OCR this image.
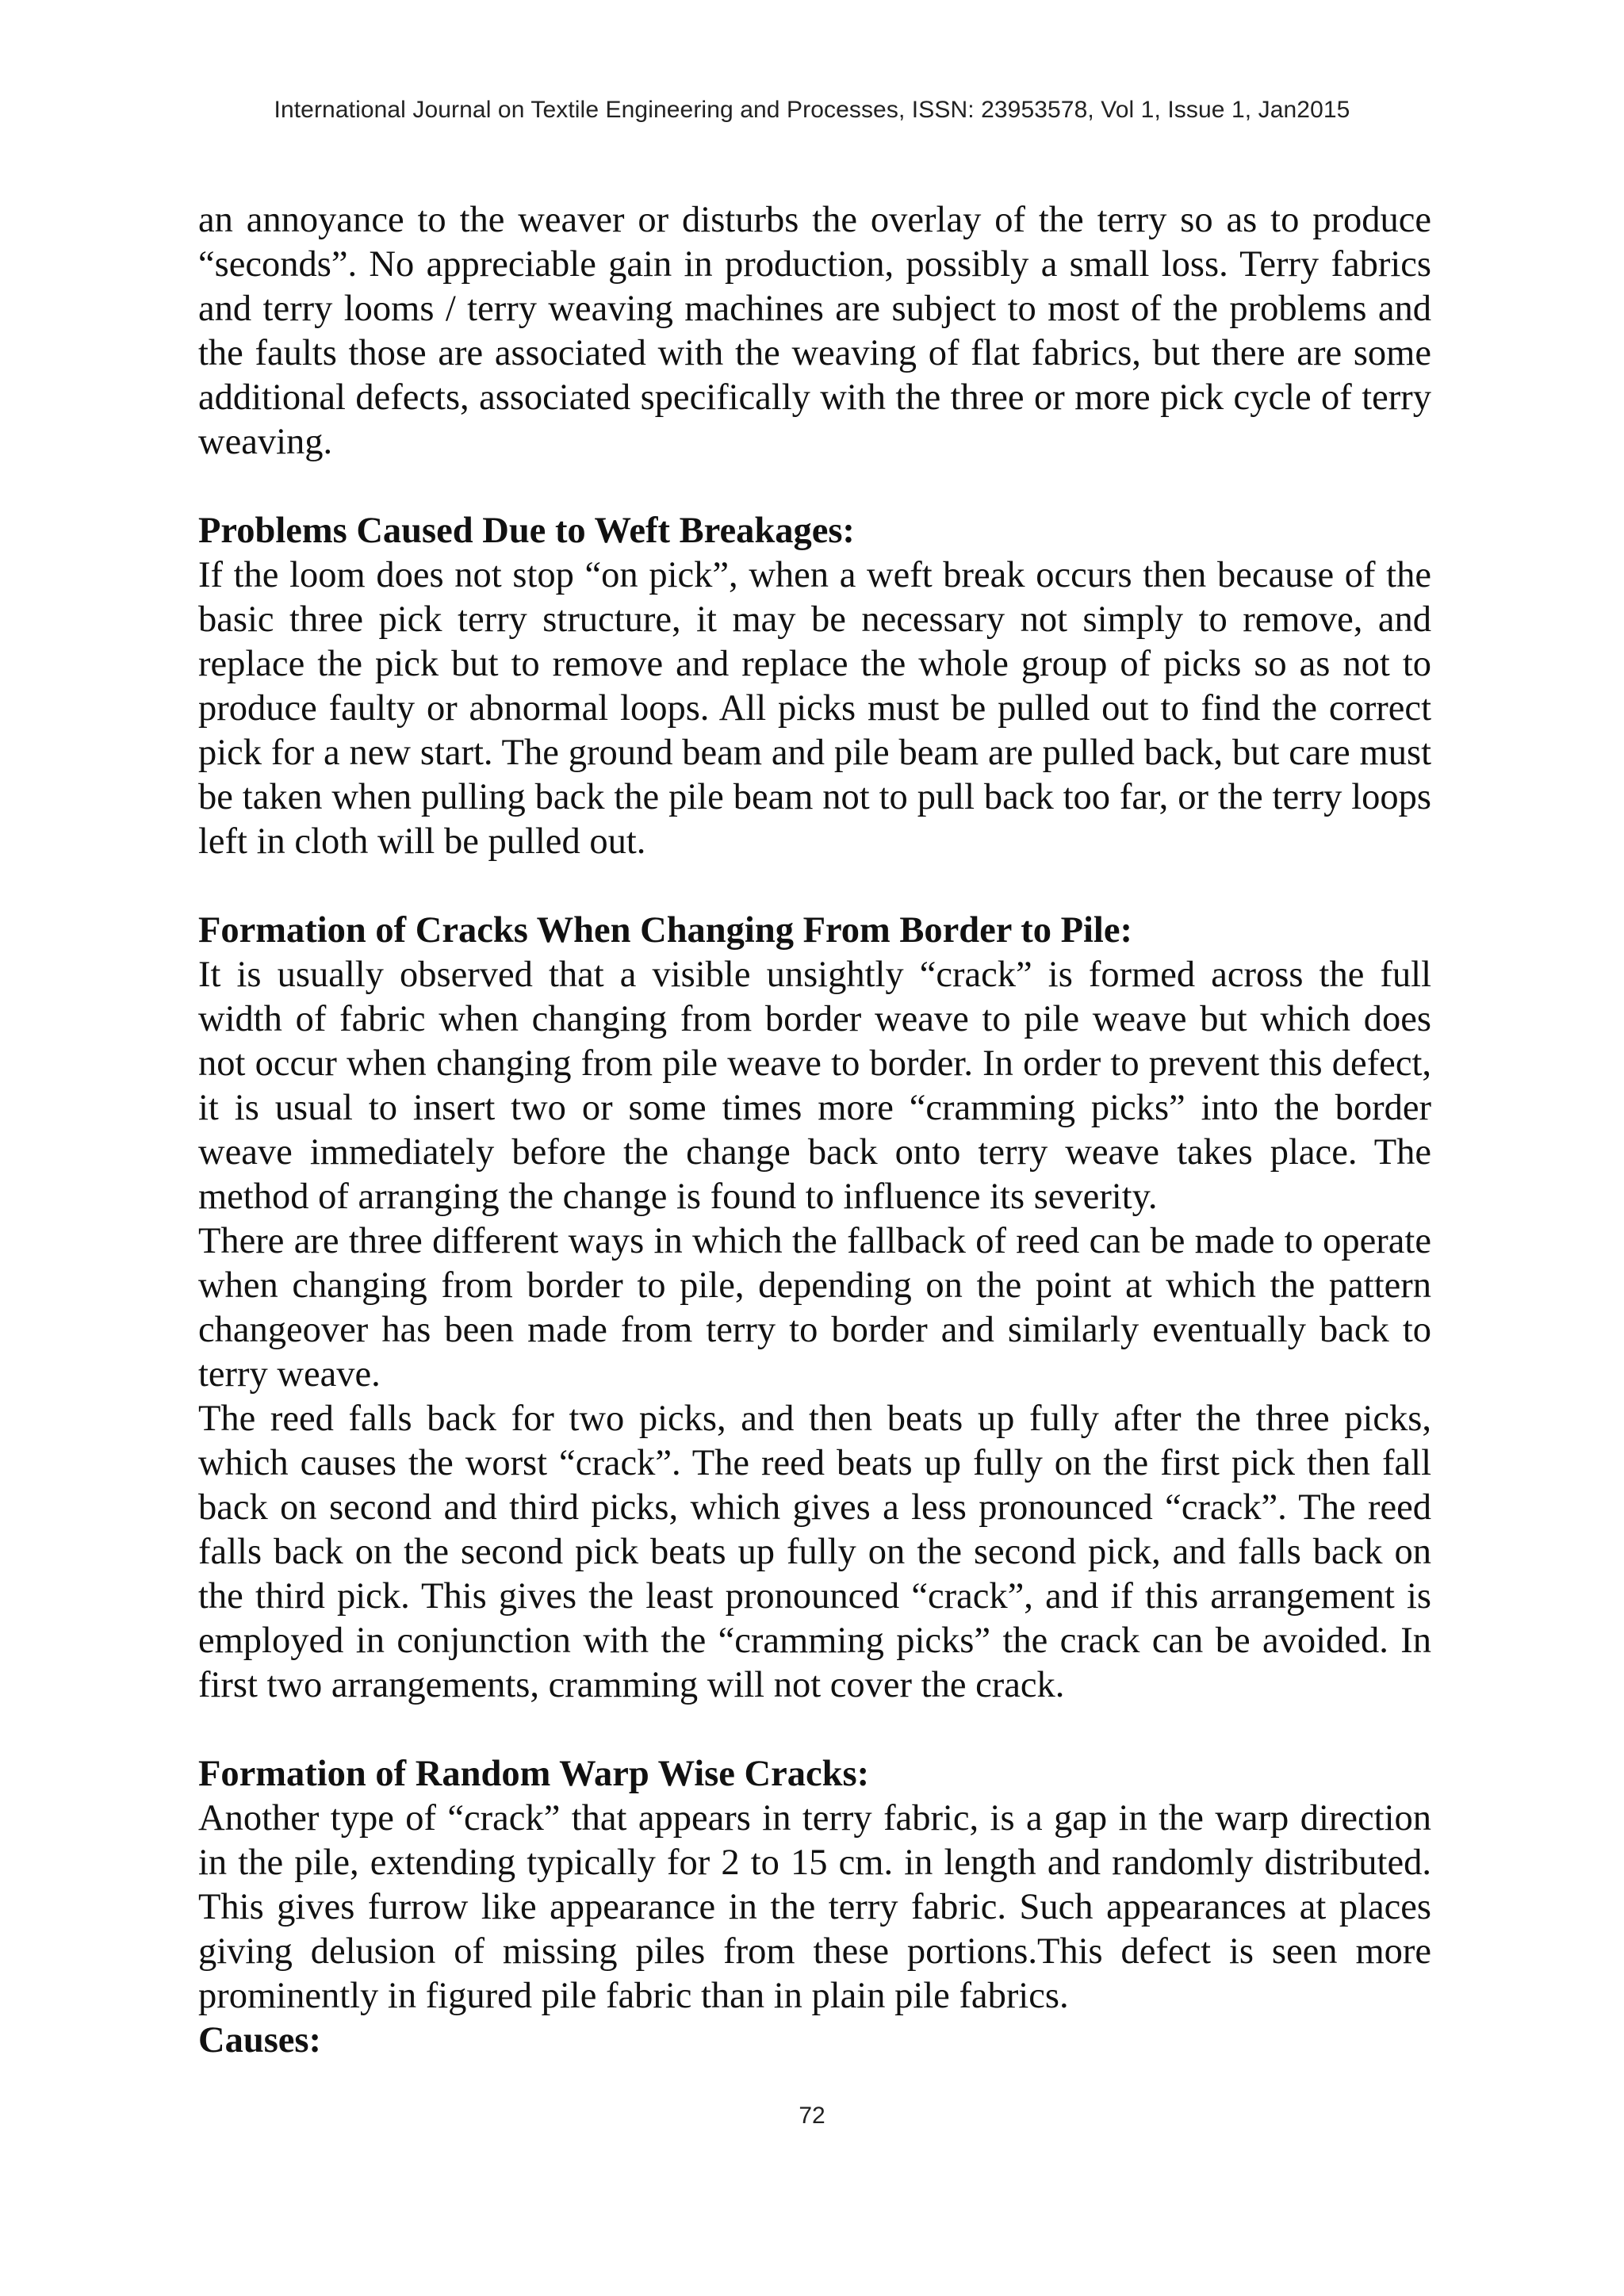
International Journal on Textile Engineering and Processes, ISSN: 23953578, Vol 1, Issue 1, Jan2015

an annoyance to the weaver or disturbs the overlay of the terry so as to produce “seconds”. No appreciable gain in production, possibly a small loss. Terry fabrics and terry looms / terry weaving machines are subject to most of the problems and the faults those are associated with the weaving of flat fabrics, but there are some additional defects, associated specifically with the three or more pick cycle of terry weaving.

Problems Caused Due to Weft Breakages:

If the loom does not stop “on pick”, when a weft break occurs then because of the basic three pick terry structure, it may be necessary not simply to remove, and replace the pick but to remove and replace the whole group of picks so as not to produce faulty or abnormal loops. All picks must be pulled out to find the correct pick for a new start. The ground beam and pile beam are pulled back, but care must be taken when pulling back the pile beam not to pull back too far, or the terry loops left in cloth will be pulled out.

Formation of Cracks When Changing From Border to Pile:

It is usually observed that a visible unsightly “crack” is formed across the full width of fabric when changing from border weave to pile weave but which does not occur when changing from pile weave to border. In order to prevent this defect, it is usual to insert two or some times more “cramming picks” into the border weave immediately before the change back onto terry weave takes place. The method of arranging the change is found to influence its severity.

There are three different ways in which the fallback of reed can be made to operate when changing from border to pile, depending on the point at which the pattern changeover has been made from terry to border and similarly eventually back to terry weave.

The reed falls back for two picks, and then beats up fully after the three picks, which causes the worst “crack”. The reed beats up fully on the first pick then fall back on second and third picks, which gives a less pronounced “crack”. The reed falls back on the second pick beats up fully on the second pick, and falls back on the third pick. This gives the least pronounced “crack”, and if this arrangement is employed in conjunction with the “cramming picks” the crack can be avoided. In first two arrangements, cramming will not cover the crack.

Formation of Random Warp Wise Cracks:

Another type of “crack” that appears in terry fabric, is a gap in the warp direction in the pile, extending typically for 2 to 15 cm. in length and randomly distributed. This gives furrow like appearance in the terry fabric. Such appearances at places giving delusion of missing piles from these portions.This defect is seen more prominently in figured pile fabric than in plain pile fabrics.

Causes:

72
